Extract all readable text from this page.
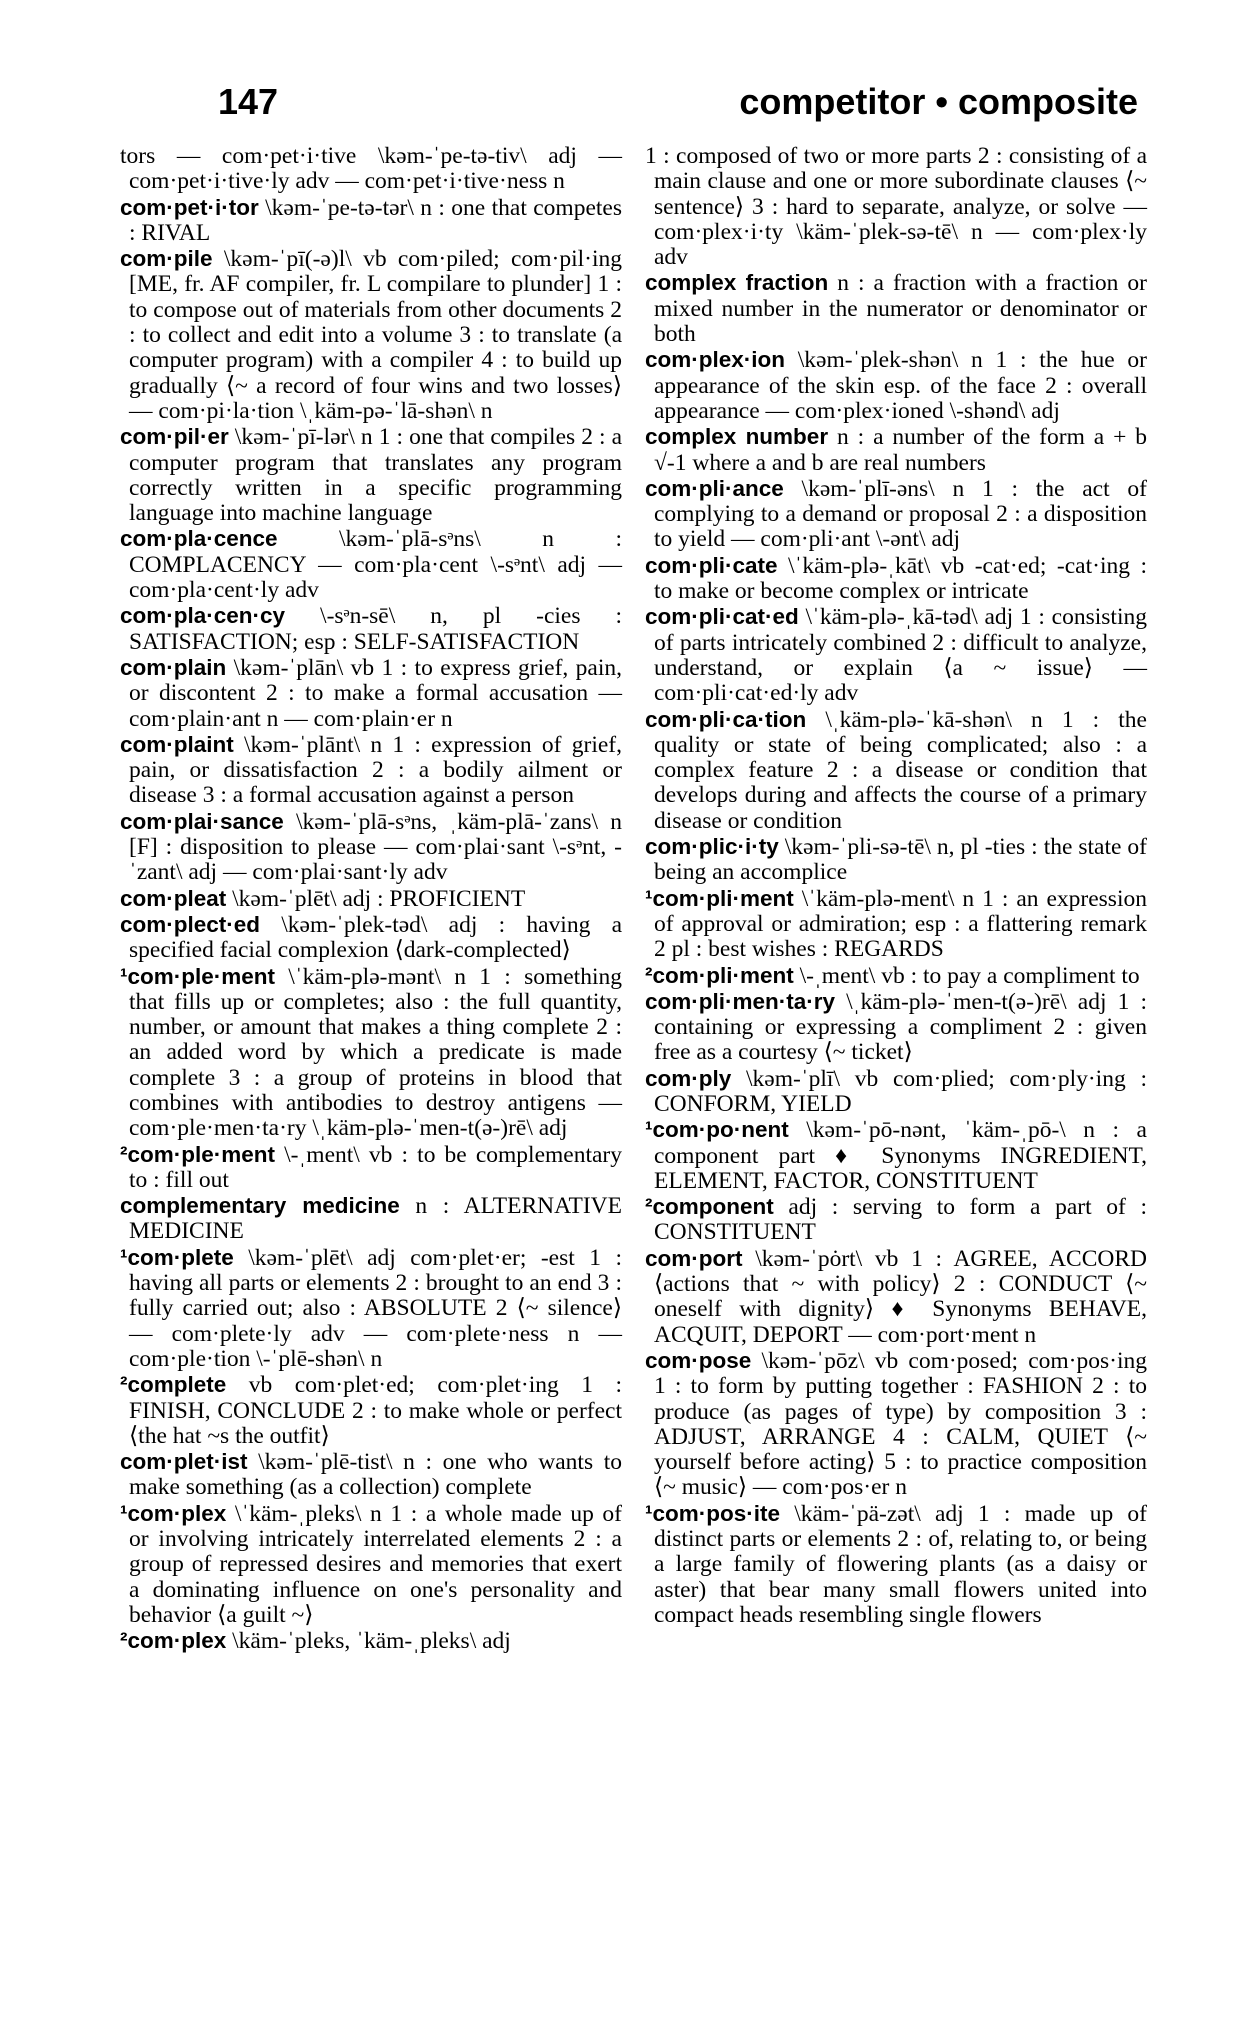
147	competitor • composite

tors — com·pet·i·tive \kəm-ˈpe-tə-tiv\ adj — com·pet·i·tive·ly adv — com·pet·i·tive·ness n

com·pet·i·tor \kəm-ˈpe-tə-tər\ n : one that competes : RIVAL

com·pile \kəm-ˈpī(-ə)l\ vb com·piled; com·pil·ing [ME, fr. AF compiler, fr. L compilare to plunder] 1 : to compose out of materials from other documents 2 : to collect and edit into a volume 3 : to translate (a computer program) with a compiler 4 : to build up gradually ⟨~ a record of four wins and two losses⟩ — com·pi·la·tion \ˌkäm-pə-ˈlā-shən\ n

com·pil·er \kəm-ˈpī-lər\ n 1 : one that compiles 2 : a computer program that translates any program correctly written in a specific programming language into machine language

com·pla·cence \kəm-ˈplā-sᵊns\ n : COMPLACENCY — com·pla·cent \-sᵊnt\ adj — com·pla·cent·ly adv

com·pla·cen·cy \-sᵊn-sē\ n, pl -cies : SATISFACTION; esp : SELF-SATISFACTION

com·plain \kəm-ˈplān\ vb 1 : to express grief, pain, or discontent 2 : to make a formal accusation — com·plain·ant n — com·plain·er n

com·plaint \kəm-ˈplānt\ n 1 : expression of grief, pain, or dissatisfaction 2 : a bodily ailment or disease 3 : a formal accusation against a person

com·plai·sance \kəm-ˈplā-sᵊns, ˌkäm-plā-ˈzans\ n [F] : disposition to please — com·plai·sant \-sᵊnt, -ˈzant\ adj — com·plai·sant·ly adv

com·pleat \kəm-ˈplēt\ adj : PROFICIENT

com·plect·ed \kəm-ˈplek-təd\ adj : having a specified facial complexion ⟨dark-complected⟩

¹com·ple·ment \ˈkäm-plə-mənt\ n 1 : something that fills up or completes; also : the full quantity, number, or amount that makes a thing complete 2 : an added word by which a predicate is made complete 3 : a group of proteins in blood that combines with antibodies to destroy antigens — com·ple·men·ta·ry \ˌkäm-plə-ˈmen-t(ə-)rē\ adj

²com·ple·ment \-ˌment\ vb : to be complementary to : fill out

complementary medicine n : ALTERNATIVE MEDICINE

¹com·plete \kəm-ˈplēt\ adj com·plet·er; -est 1 : having all parts or elements 2 : brought to an end 3 : fully carried out; also : ABSOLUTE 2 ⟨~ silence⟩ — com·plete·ly adv — com·plete·ness n — com·ple·tion \-ˈplē-shən\ n

²complete vb com·plet·ed; com·plet·ing 1 : FINISH, CONCLUDE 2 : to make whole or perfect ⟨the hat ~s the outfit⟩

com·plet·ist \kəm-ˈplē-tist\ n : one who wants to make something (as a collection) complete

¹com·plex \ˈkäm-ˌpleks\ n 1 : a whole made up of or involving intricately interrelated elements 2 : a group of repressed desires and memories that exert a dominating influence on one's personality and behavior ⟨a guilt ~⟩

²com·plex \käm-ˈpleks, ˈkäm-ˌpleks\ adj

1 : composed of two or more parts 2 : consisting of a main clause and one or more subordinate clauses ⟨~ sentence⟩ 3 : hard to separate, analyze, or solve — com·plex·i·ty \käm-ˈplek-sə-tē\ n — com·plex·ly adv

complex fraction n : a fraction with a fraction or mixed number in the numerator or denominator or both

com·plex·ion \kəm-ˈplek-shən\ n 1 : the hue or appearance of the skin esp. of the face 2 : overall appearance — com·plex·ioned \-shənd\ adj

complex number n : a number of the form a + b √-1 where a and b are real numbers

com·pli·ance \kəm-ˈplī-əns\ n 1 : the act of complying to a demand or proposal 2 : a disposition to yield — com·pli·ant \-ənt\ adj

com·pli·cate \ˈkäm-plə-ˌkāt\ vb -cat·ed; -cat·ing : to make or become complex or intricate

com·pli·cat·ed \ˈkäm-plə-ˌkā-təd\ adj 1 : consisting of parts intricately combined 2 : difficult to analyze, understand, or explain ⟨a ~ issue⟩ — com·pli·cat·ed·ly adv

com·pli·ca·tion \ˌkäm-plə-ˈkā-shən\ n 1 : the quality or state of being complicated; also : a complex feature 2 : a disease or condition that develops during and affects the course of a primary disease or condition

com·plic·i·ty \kəm-ˈpli-sə-tē\ n, pl -ties : the state of being an accomplice

¹com·pli·ment \ˈkäm-plə-ment\ n 1 : an expression of approval or admiration; esp : a flattering remark 2 pl : best wishes : REGARDS

²com·pli·ment \-ˌment\ vb : to pay a compliment to

com·pli·men·ta·ry \ˌkäm-plə-ˈmen-t(ə-)rē\ adj 1 : containing or expressing a compliment 2 : given free as a courtesy ⟨~ ticket⟩

com·ply \kəm-ˈplī\ vb com·plied; com·ply·ing : CONFORM, YIELD

¹com·po·nent \kəm-ˈpō-nənt, ˈkäm-ˌpō-\ n : a component part ♦ Synonyms INGREDIENT, ELEMENT, FACTOR, CONSTITUENT

²component adj : serving to form a part of : CONSTITUENT

com·port \kəm-ˈpȯrt\ vb 1 : AGREE, ACCORD ⟨actions that ~ with policy⟩ 2 : CONDUCT ⟨~ oneself with dignity⟩ ♦ Synonyms BEHAVE, ACQUIT, DEPORT — com·port·ment n

com·pose \kəm-ˈpōz\ vb com·posed; com·pos·ing 1 : to form by putting together : FASHION 2 : to produce (as pages of type) by composition 3 : ADJUST, ARRANGE 4 : CALM, QUIET ⟨~ yourself before acting⟩ 5 : to practice composition ⟨~ music⟩ — com·pos·er n

¹com·pos·ite \käm-ˈpä-zət\ adj 1 : made up of distinct parts or elements 2 : of, relating to, or being a large family of flowering plants (as a daisy or aster) that bear many small flowers united into compact heads resembling single flowers
